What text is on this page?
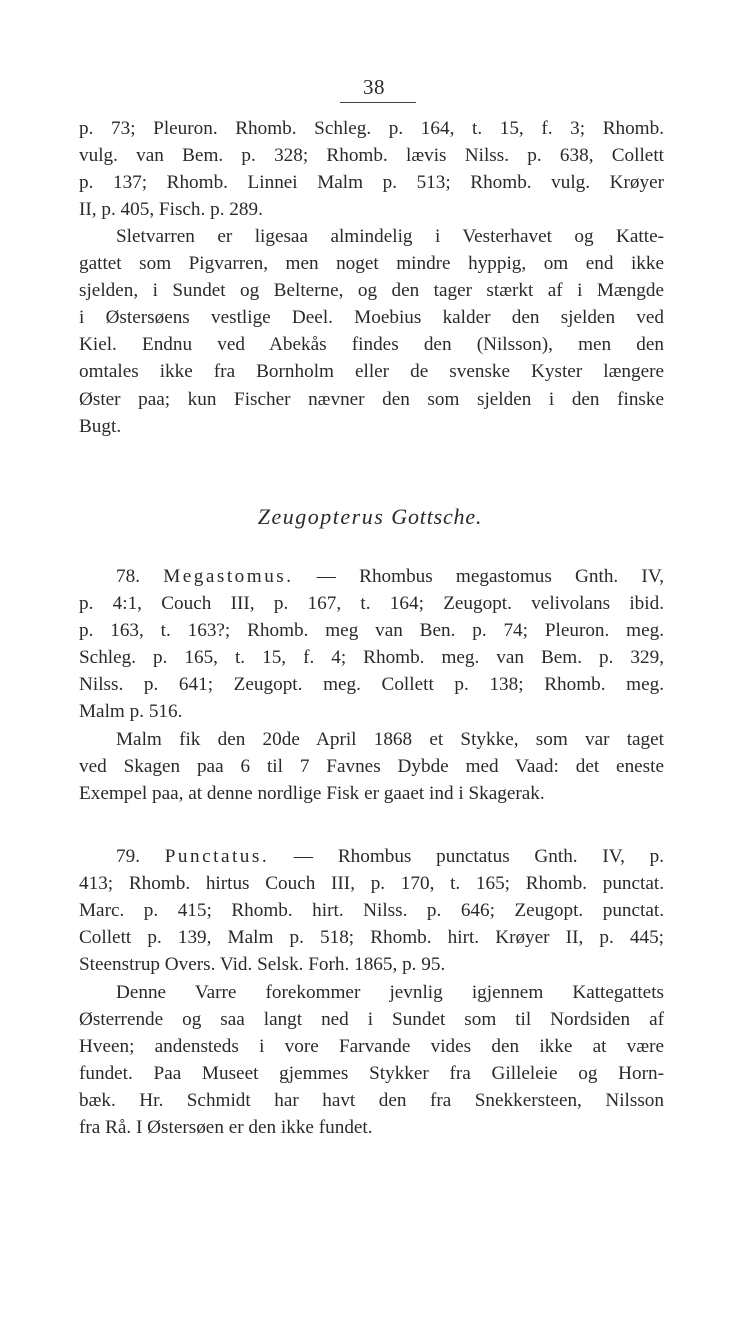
38
p. 73; Pleuron. Rhomb. Schleg. p. 164, t. 15, f. 3; Rhomb.
vulg. van Bem. p. 328; Rhomb. lævis Nilss. p. 638, Collett
p. 137; Rhomb. Linnei Malm p. 513; Rhomb. vulg. Krøyer
II, p. 405, Fisch. p. 289.
Sletvarren er ligesaa almindelig i Vesterhavet og Katte-
gattet som Pigvarren, men noget mindre hyppig, om end ikke
sjelden, i Sundet og Belterne, og den tager stærkt af i Mængde
i Østersøens vestlige Deel. Moebius kalder den sjelden ved
Kiel. Endnu ved Abekås findes den (Nilsson), men den
omtales ikke fra Bornholm eller de svenske Kyster længere
Øster paa; kun Fischer nævner den som sjelden i den finske
Bugt.
Zeugopterus Gottsche.
78. Megastomus. — Rhombus megastomus Gnth. IV,
p. 4:1, Couch III, p. 167, t. 164; Zeugopt. velivolans ibid.
p. 163, t. 163?; Rhomb. meg van Ben. p. 74; Pleuron. meg.
Schleg. p. 165, t. 15, f. 4; Rhomb. meg. van Bem. p. 329,
Nilss. p. 641; Zeugopt. meg. Collett p. 138; Rhomb. meg.
Malm p. 516.
Malm fik den 20de April 1868 et Stykke, som var taget
ved Skagen paa 6 til 7 Favnes Dybde med Vaad: det eneste
Exempel paa, at denne nordlige Fisk er gaaet ind i Skagerak.
79. Punctatus. — Rhombus punctatus Gnth. IV, p.
413; Rhomb. hirtus Couch III, p. 170, t. 165; Rhomb. punctat.
Marc. p. 415; Rhomb. hirt. Nilss. p. 646; Zeugopt. punctat.
Collett p. 139, Malm p. 518; Rhomb. hirt. Krøyer II, p. 445;
Steenstrup Overs. Vid. Selsk. Forh. 1865, p. 95.
Denne Varre forekommer jevnlig igjennem Kattegattets
Østerrende og saa langt ned i Sundet som til Nordsiden af
Hveen; andensteds i vore Farvande vides den ikke at være
fundet. Paa Museet gjemmes Stykker fra Gilleleie og Horn-
bæk. Hr. Schmidt har havt den fra Snekkersteen, Nilsson
fra Rå. I Østersøen er den ikke fundet.
